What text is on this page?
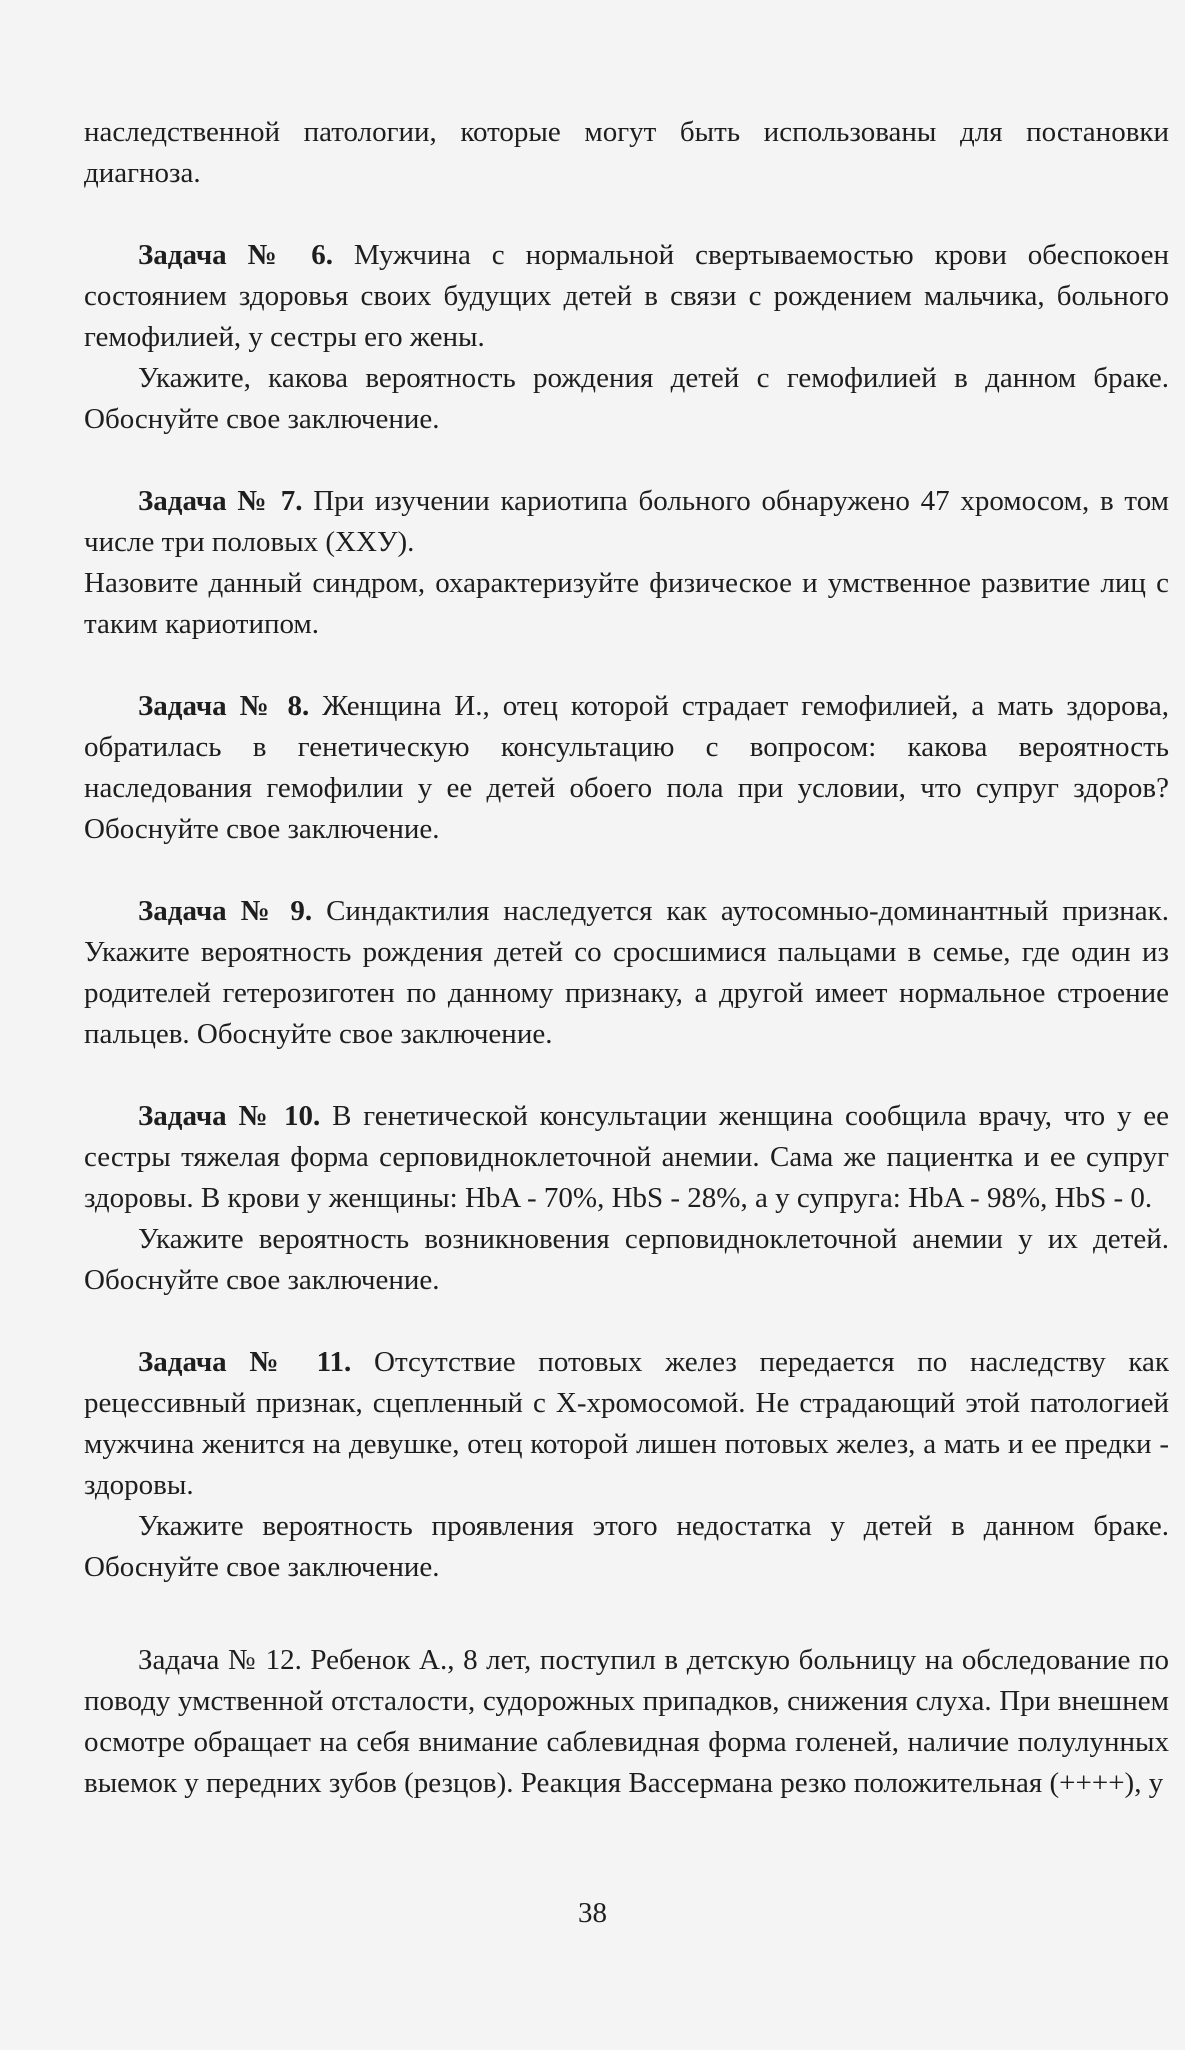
наследственной патологии, которые могут быть использованы для постановки диагноза.

Задача № 6. Мужчина с нормальной свертываемостью крови обеспокоен состоянием здоровья своих будущих детей в связи с рождением мальчика, больного гемофилией, у сестры его жены.

Укажите, какова вероятность рождения детей с гемофилией в данном браке. Обоснуйте свое заключение.

Задача № 7. При изучении кариотипа больного обнаружено 47 хромосом, в том числе три половых (ХХУ).

Назовите данный синдром, охарактеризуйте физическое и умственное развитие лиц с таким кариотипом.

Задача № 8. Женщина И., отец которой страдает гемофилией, а мать здорова, обратилась в генетическую консультацию с вопросом: какова вероятность наследования гемофилии у ее детей обоего пола при условии, что супруг здоров? Обоснуйте свое заключение.

Задача № 9. Синдактилия наследуется как аутосомныо-доминантный признак. Укажите вероятность рождения детей со сросшимися пальцами в семье, где один из родителей гетерозиготен по данному признаку, а другой имеет нормальное строение пальцев. Обоснуйте свое заключение.

Задача № 10. В генетической консультации женщина сообщила врачу, что у ее сестры тяжелая форма серповидноклеточной анемии. Сама же пациентка и ее супруг здоровы. В крови у женщины: HbA - 70%, HbS - 28%, а у супруга: HbA - 98%, HbS - 0.

Укажите вероятность возникновения серповидноклеточной анемии у их детей. Обоснуйте свое заключение.

Задача № 11. Отсутствие потовых желез передается по наследству как рецессивный признак, сцепленный с Х-хромосомой. Не страдающий этой патологией мужчина женится на девушке, отец которой лишен потовых желез, а мать и ее предки - здоровы.

Укажите вероятность проявления этого недостатка у детей в данном браке. Обоснуйте свое заключение.

Задача № 12. Ребенок А., 8 лет, поступил в детскую больницу на обследование по поводу умственной отсталости, судорожных припадков, снижения слуха. При внешнем осмотре обращает на себя внимание саблевидная форма голеней, наличие полулунных выемок у передних зубов (резцов). Реакция Вассермана резко положительная (++++), у

38
